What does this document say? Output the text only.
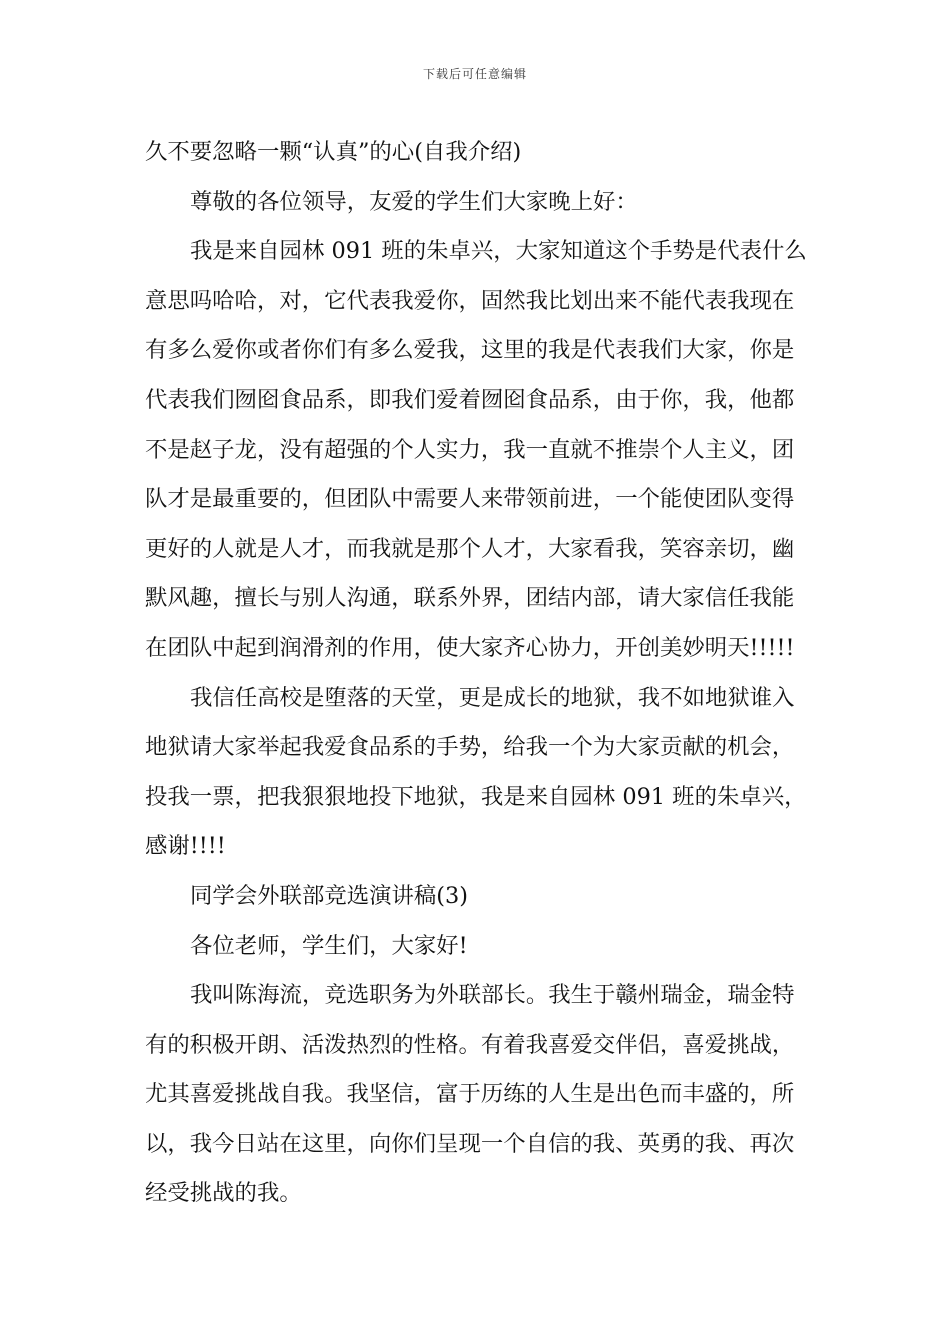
下载后可任意编辑
久不要忽略一颗“认真”的心(自我介绍)
尊敬的各位领导，友爱的学生们大家晚上好：
我是来自园林 091 班的朱卓兴，大家知道这个手势是代表什么
意思吗哈哈，对，它代表我爱你，固然我比划出来不能代表我现在
有多么爱你或者你们有多么爱我，这里的我是代表我们大家，你是
代表我们囫囵食品系，即我们爱着囫囵食品系，由于你，我，他都
不是赵子龙，没有超强的个人实力，我一直就不推崇个人主义，团
队才是最重要的，但团队中需要人来带领前进，一个能使团队变得
更好的人就是人才，而我就是那个人才，大家看我，笑容亲切，幽
默风趣，擅长与别人沟通，联系外界，团结内部，请大家信任我能
在团队中起到润滑剂的作用，使大家齐心协力，开创美妙明天!!!!!
我信任高校是堕落的天堂，更是成长的地狱，我不如地狱谁入
地狱请大家举起我爱食品系的手势，给我一个为大家贡献的机会，
投我一票，把我狠狠地投下地狱，我是来自园林 091 班的朱卓兴，
感谢!!!!
同学会外联部竞选演讲稿(3)
各位老师，学生们，大家好!
我叫陈海流，竞选职务为外联部长。我生于赣州瑞金，瑞金特
有的积极开朗、活泼热烈的性格。有着我喜爱交伴侣，喜爱挑战，
尤其喜爱挑战自我。我坚信，富于历练的人生是出色而丰盛的，所
以，我今日站在这里，向你们呈现一个自信的我、英勇的我、再次
经受挑战的我。
